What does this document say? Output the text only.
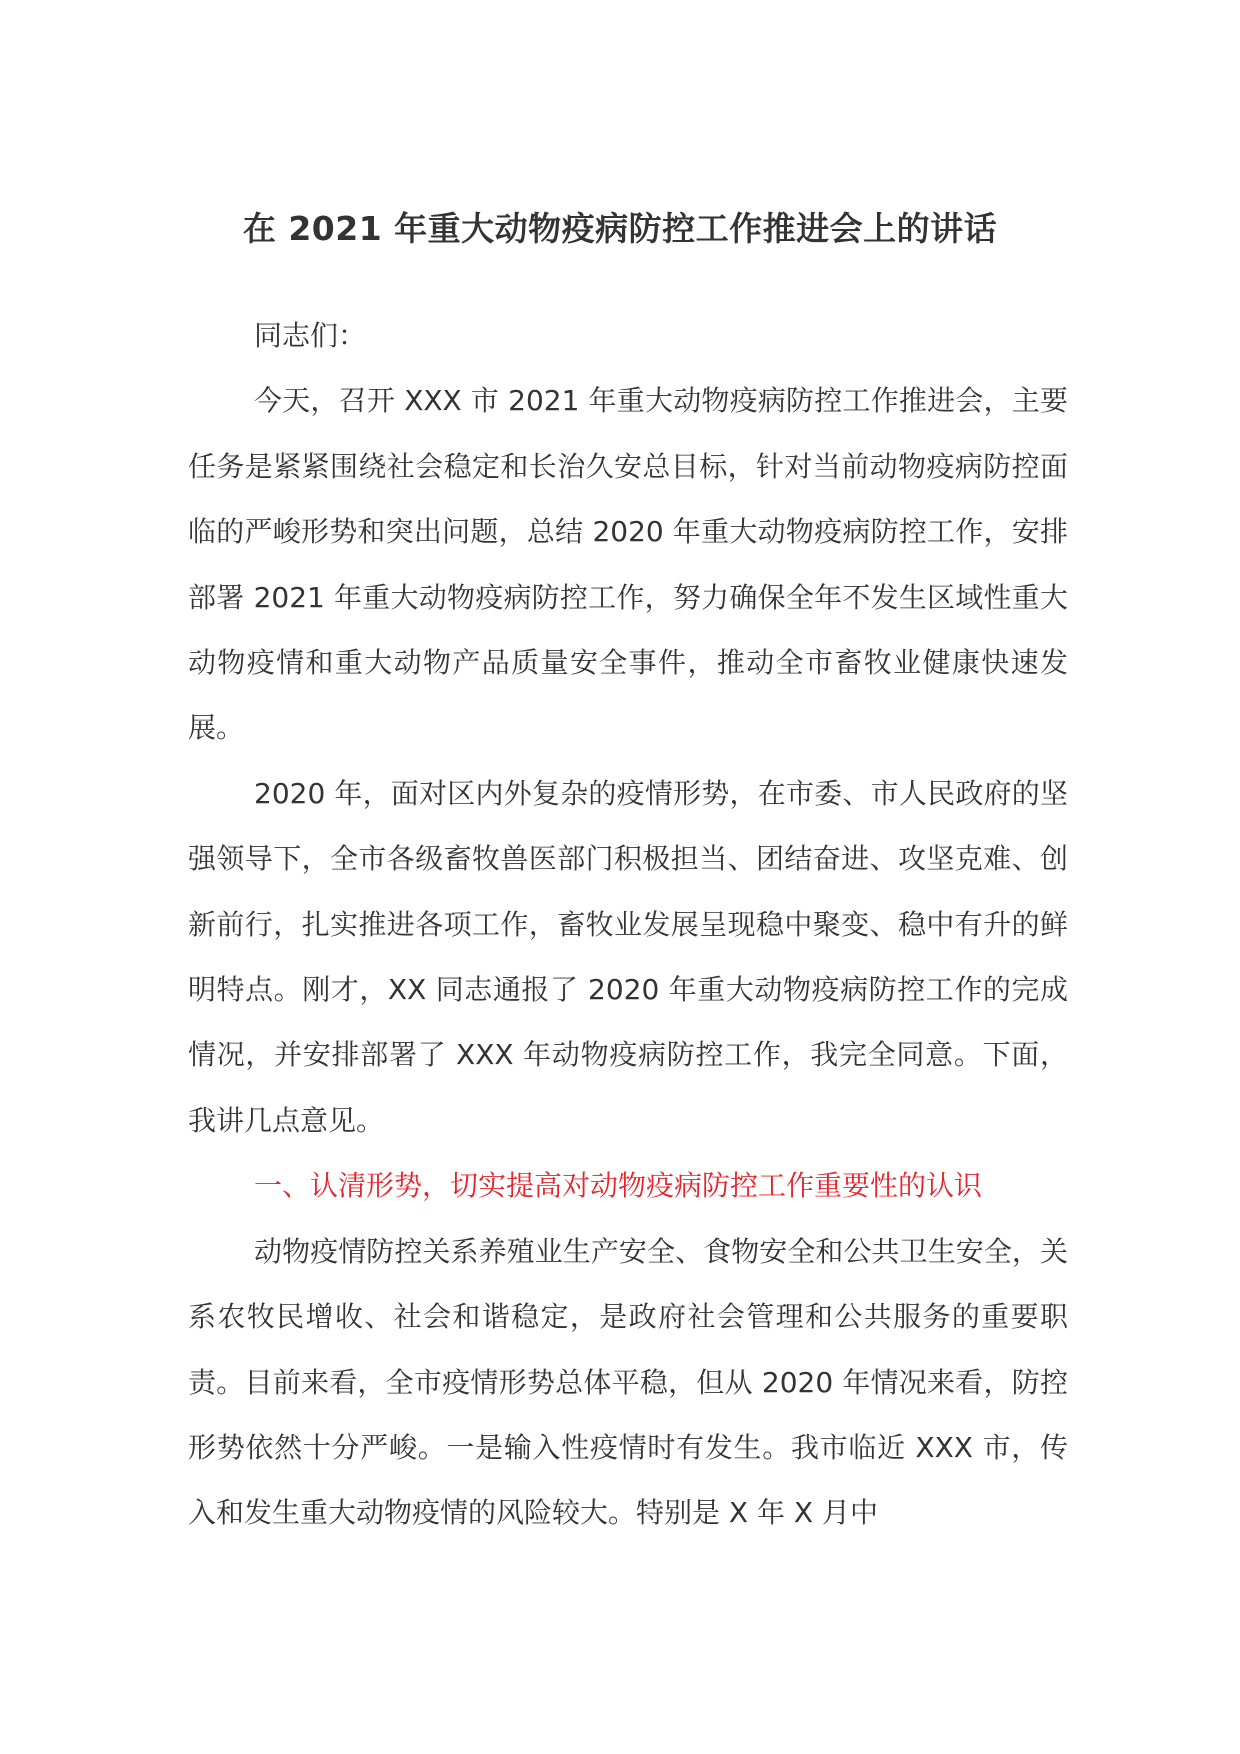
在 2021 年重大动物疫病防控工作推进会上的讲话

同志们：

今天，召开 XXX 市 2021 年重大动物疫病防控工作推进会，主要任务是紧紧围绕社会稳定和长治久安总目标，针对当前动物疫病防控面临的严峻形势和突出问题，总结 2020 年重大动物疫病防控工作，安排部署 2021 年重大动物疫病防控工作，努力确保全年不发生区域性重大动物疫情和重大动物产品质量安全事件，推动全市畜牧业健康快速发展。

2020 年，面对区内外复杂的疫情形势，在市委、市人民政府的坚强领导下，全市各级畜牧兽医部门积极担当、团结奋进、攻坚克难、创新前行，扎实推进各项工作，畜牧业发展呈现稳中聚变、稳中有升的鲜明特点。刚才，XX 同志通报了 2020 年重大动物疫病防控工作的完成情况，并安排部署了 XXX 年动物疫病防控工作，我完全同意。下面，我讲几点意见。

一、认清形势，切实提高对动物疫病防控工作重要性的认识

动物疫情防控关系养殖业生产安全、食物安全和公共卫生安全，关系农牧民增收、社会和谐稳定，是政府社会管理和公共服务的重要职责。目前来看，全市疫情形势总体平稳，但从 2020 年情况来看，防控形势依然十分严峻。一是输入性疫情时有发生。我市临近 XXX 市，传入和发生重大动物疫情的风险较大。特别是 X 年 X 月中
